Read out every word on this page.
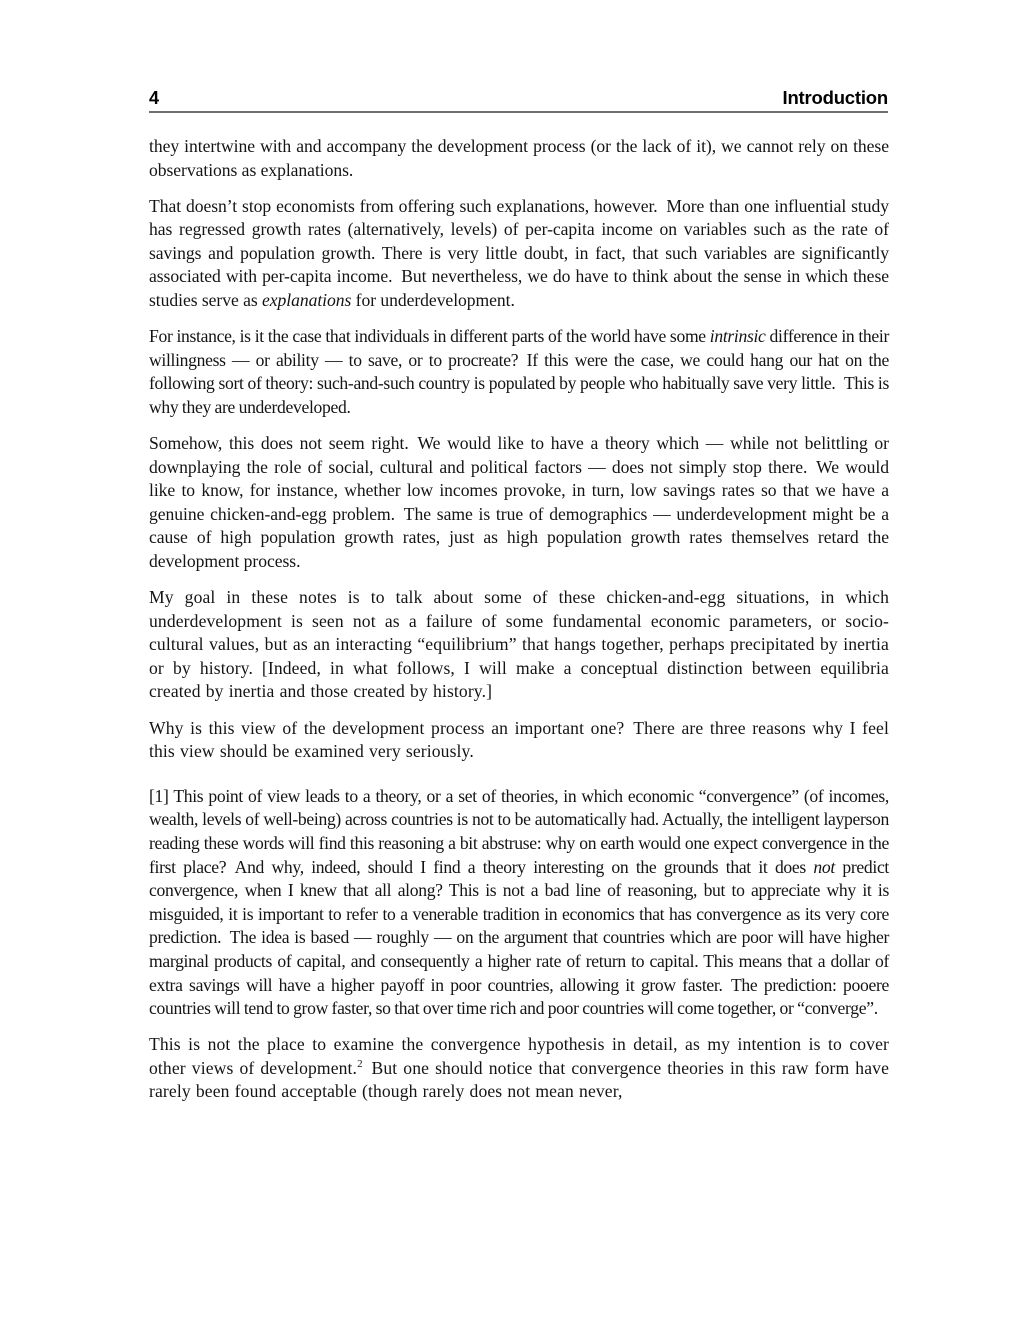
4	Introduction

they intertwine with and accompany the development process (or the lack of it), we cannot rely on these observations as explanations.

That doesn’t stop economists from offering such explanations, however. More than one influential study has regressed growth rates (alternatively, levels) of per-capita income on variables such as the rate of savings and population growth. There is very little doubt, in fact, that such variables are significantly associated with per-capita income. But nevertheless, we do have to think about the sense in which these studies serve as explanations for underdevelopment.

For instance, is it the case that individuals in different parts of the world have some intrinsic difference in their willingness — or ability — to save, or to procreate? If this were the case, we could hang our hat on the following sort of theory: such-and-such country is populated by people who habitually save very little. This is why they are underdeveloped.

Somehow, this does not seem right. We would like to have a theory which — while not belittling or downplaying the role of social, cultural and political factors — does not simply stop there. We would like to know, for instance, whether low incomes provoke, in turn, low savings rates so that we have a genuine chicken-and-egg problem. The same is true of demographics — underdevelopment might be a cause of high population growth rates, just as high population growth rates themselves retard the development process.

My goal in these notes is to talk about some of these chicken-and-egg situations, in which underdevelopment is seen not as a failure of some fundamental economic parameters, or socio-cultural values, but as an interacting “equilibrium” that hangs together, perhaps precipitated by inertia or by history. [Indeed, in what follows, I will make a conceptual distinction between equilibria created by inertia and those created by history.]

Why is this view of the development process an important one? There are three reasons why I feel this view should be examined very seriously.

[1] This point of view leads to a theory, or a set of theories, in which economic “convergence” (of incomes, wealth, levels of well-being) across countries is not to be automatically had. Actually, the intelligent layperson reading these words will find this reasoning a bit abstruse: why on earth would one expect convergence in the first place? And why, indeed, should I find a theory interesting on the grounds that it does not predict convergence, when I knew that all along? This is not a bad line of reasoning, but to appreciate why it is misguided, it is important to refer to a venerable tradition in economics that has convergence as its very core prediction. The idea is based — roughly — on the argument that countries which are poor will have higher marginal products of capital, and consequently a higher rate of return to capital. This means that a dollar of extra savings will have a higher payoff in poor countries, allowing it grow faster. The prediction: pooere countries will tend to grow faster, so that over time rich and poor countries will come together, or “converge”.

This is not the place to examine the convergence hypothesis in detail, as my intention is to cover other views of development.$^2$ But one should notice that convergence theories in this raw form have rarely been found acceptable (though rarely does not mean never,
